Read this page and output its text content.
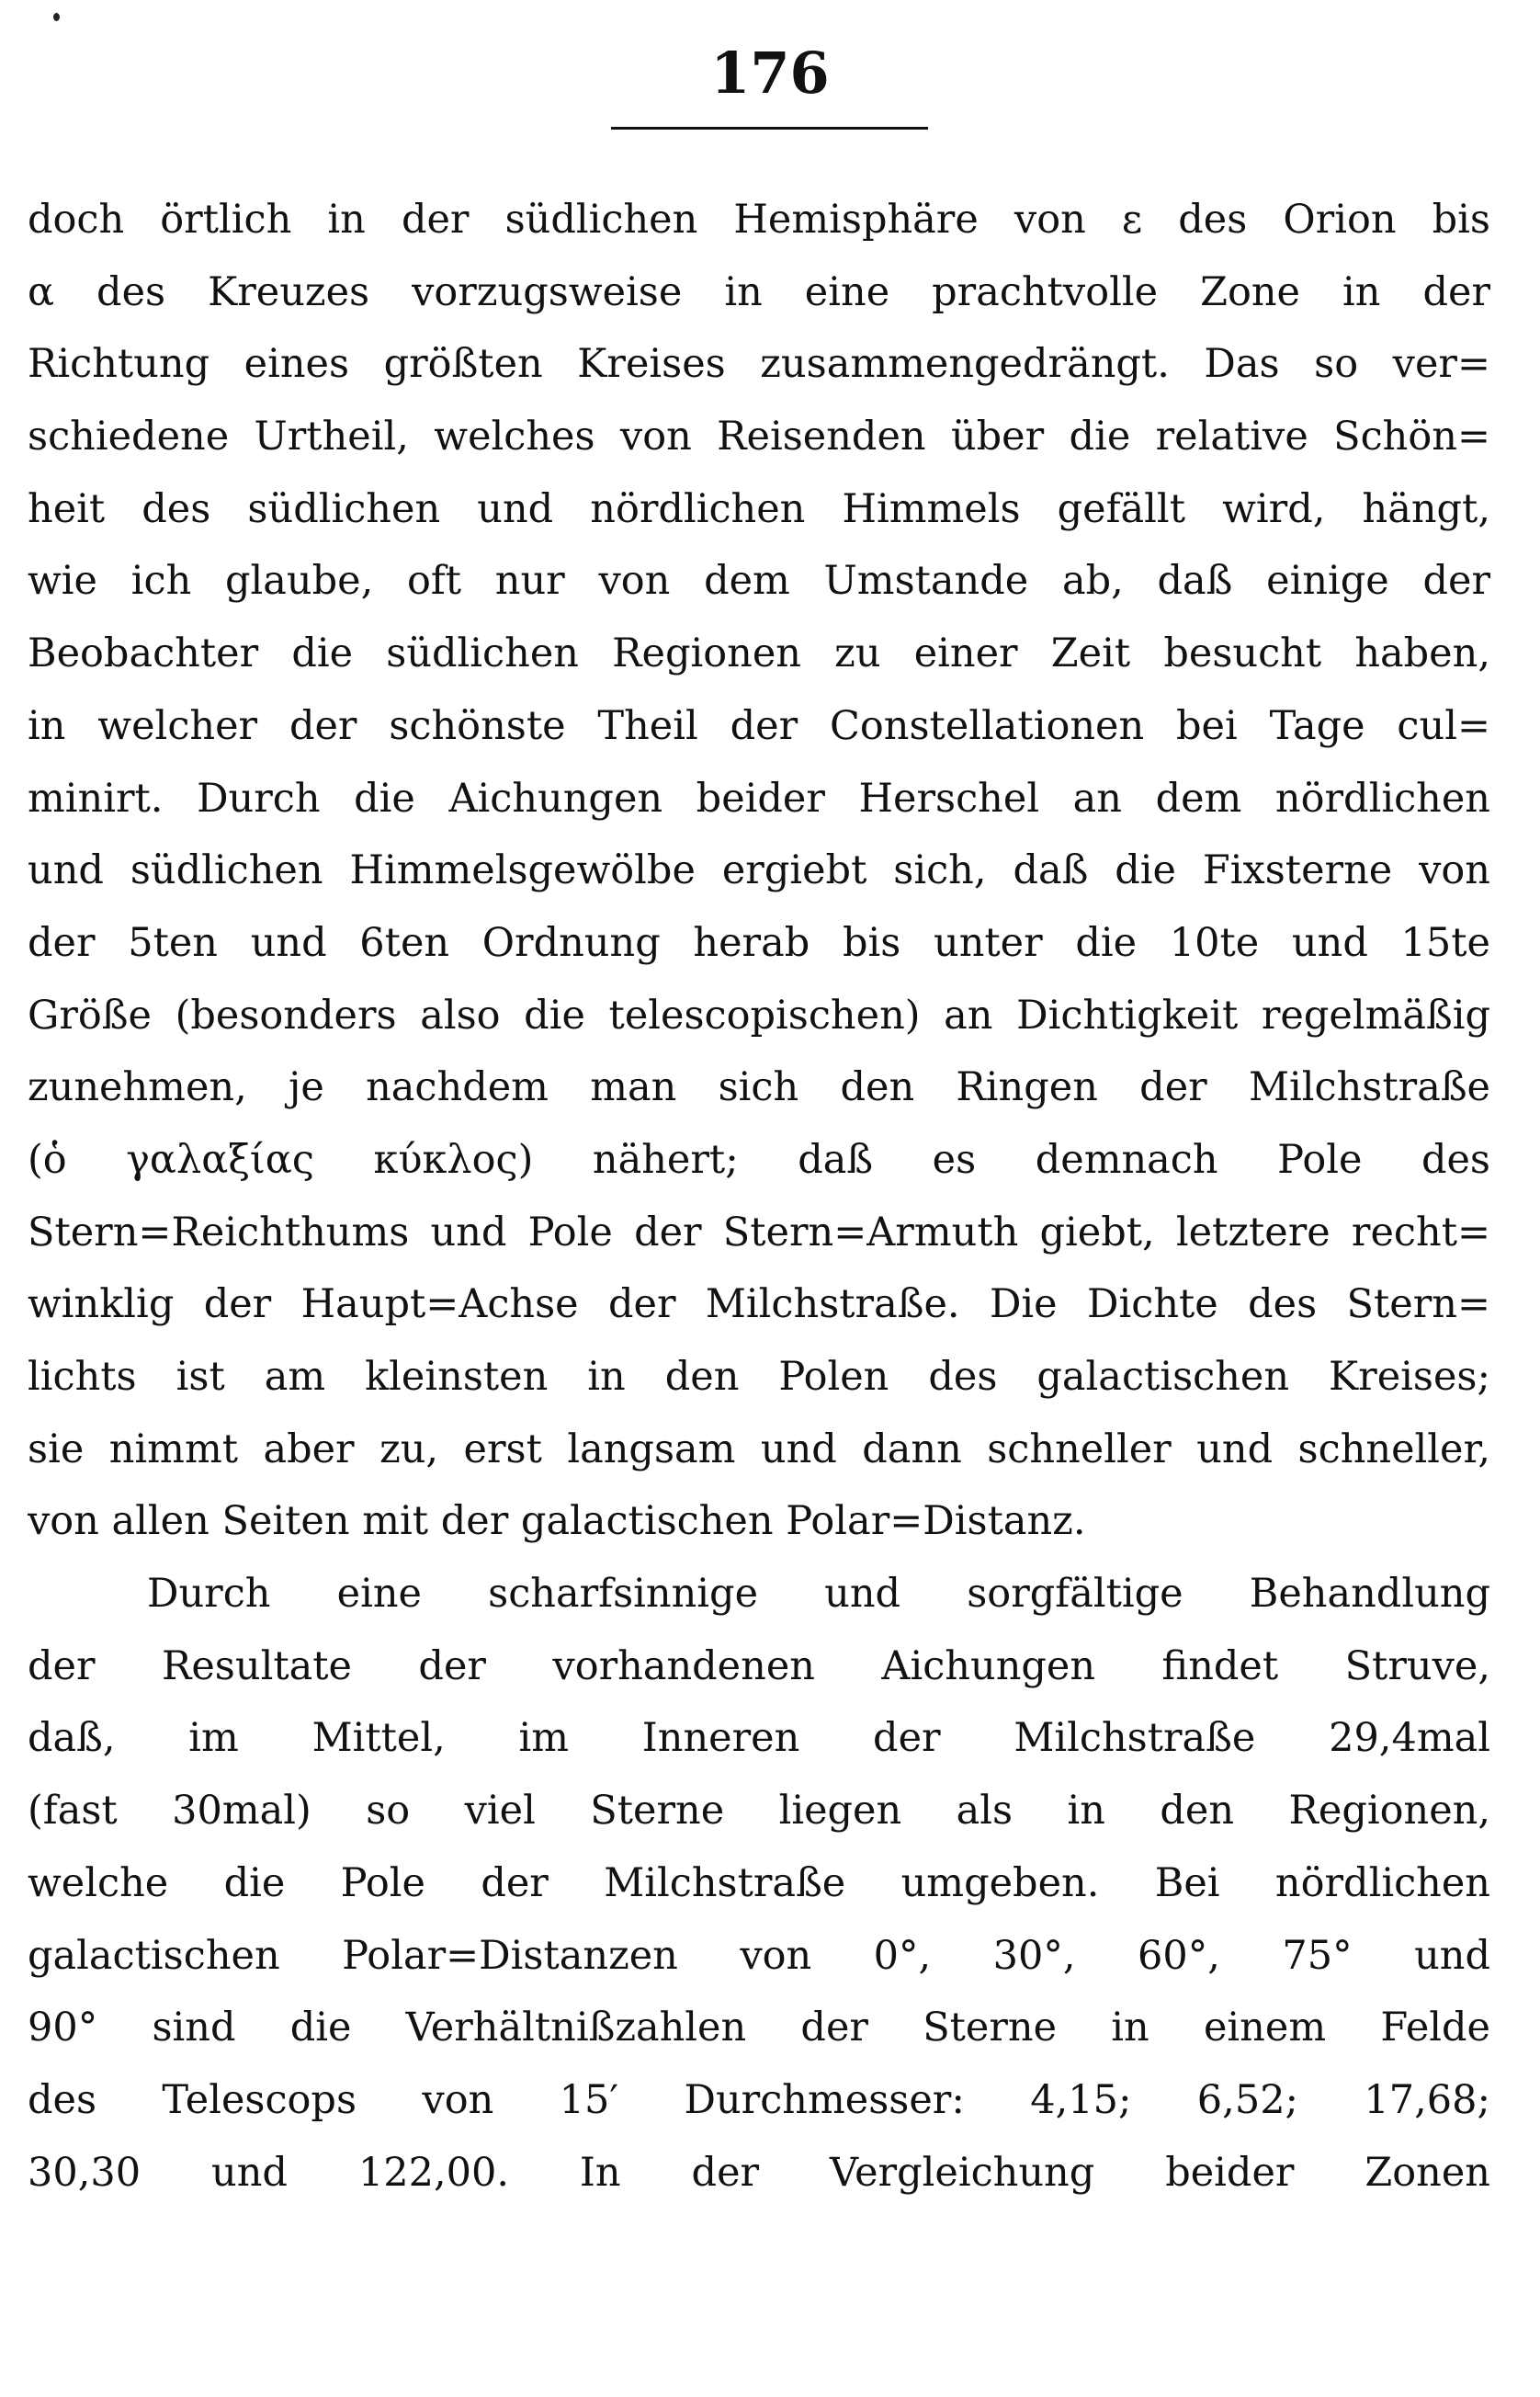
176
doch örtlich in der südlichen Hemisphäre von ε des Orion bis
α des Kreuzes vorzugsweise in eine prachtvolle Zone in der
Richtung eines größten Kreises zusammengedrängt. Das so ver=
schiedene Urtheil, welches von Reisenden über die relative Schön=
heit des südlichen und nördlichen Himmels gefällt wird, hängt,
wie ich glaube, oft nur von dem Umstande ab, daß einige der
Beobachter die südlichen Regionen zu einer Zeit besucht haben,
in welcher der schönste Theil der Constellationen bei Tage cul=
minirt. Durch die Aichungen beider Herschel an dem nördlichen
und südlichen Himmelsgewölbe ergiebt sich, daß die Fixsterne von
der 5ten und 6ten Ordnung herab bis unter die 10te und 15te
Größe (besonders also die telescopischen) an Dichtigkeit regelmäßig
zunehmen, je nachdem man sich den Ringen der Milchstraße
(ὁ γαλαξίας κύκλος) nähert; daß es demnach Pole des
Stern=Reichthums und Pole der Stern=Armuth giebt, letztere recht=
winklig der Haupt=Achse der Milchstraße. Die Dichte des Stern=
lichts ist am kleinsten in den Polen des galactischen Kreises;
sie nimmt aber zu, erst langsam und dann schneller und schneller,
von allen Seiten mit der galactischen Polar=Distanz.
Durch eine scharfsinnige und sorgfältige Behandlung
der Resultate der vorhandenen Aichungen findet Struve,
daß, im Mittel, im Inneren der Milchstraße 29,4mal
(fast 30mal) so viel Sterne liegen als in den Regionen,
welche die Pole der Milchstraße umgeben. Bei nördlichen
galactischen Polar=Distanzen von 0°, 30°, 60°, 75° und
90° sind die Verhältnißzahlen der Sterne in einem Felde
des Telescops von 15′ Durchmesser: 4,15; 6,52; 17,68;
30,30 und 122,00. In der Vergleichung beider Zonen
